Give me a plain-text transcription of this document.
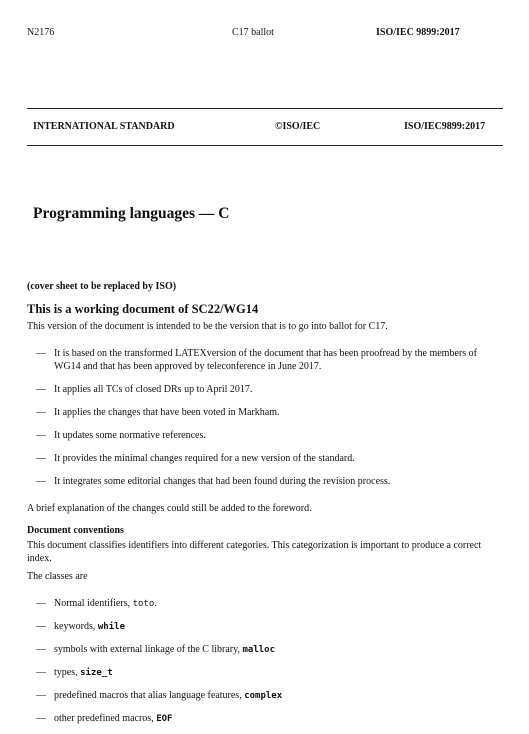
N2176	C17 ballot	ISO/IEC 9899:2017
INTERNATIONAL STANDARD	©ISO/IEC	ISO/IEC9899:2017
Programming languages — C
(cover sheet to be replaced by ISO)
This is a working document of SC22/WG14
This version of the document is intended to be the version that is to go into ballot for C17.
— It is based on the transformed LATEXversion of the document that has been proofread by the members of WG14 and that has been approved by teleconference in June 2017.
— It applies all TCs of closed DRs up to April 2017.
— It applies the changes that have been voted in Markham.
— It updates some normative references.
— It provides the minimal changes required for a new version of the standard.
— It integrates some editorial changes that had been found during the revision process.
A brief explanation of the changes could still be added to the foreword.
Document conventions
This document classifies identifiers into different categories. This categorization is important to produce a correct index.
The classes are
— Normal identifiers, toto.
— keywords, while
— symbols with external linkage of the C library, malloc
— types, size_t
— predefined macros that alias language features, complex
— other predefined macros, EOF
